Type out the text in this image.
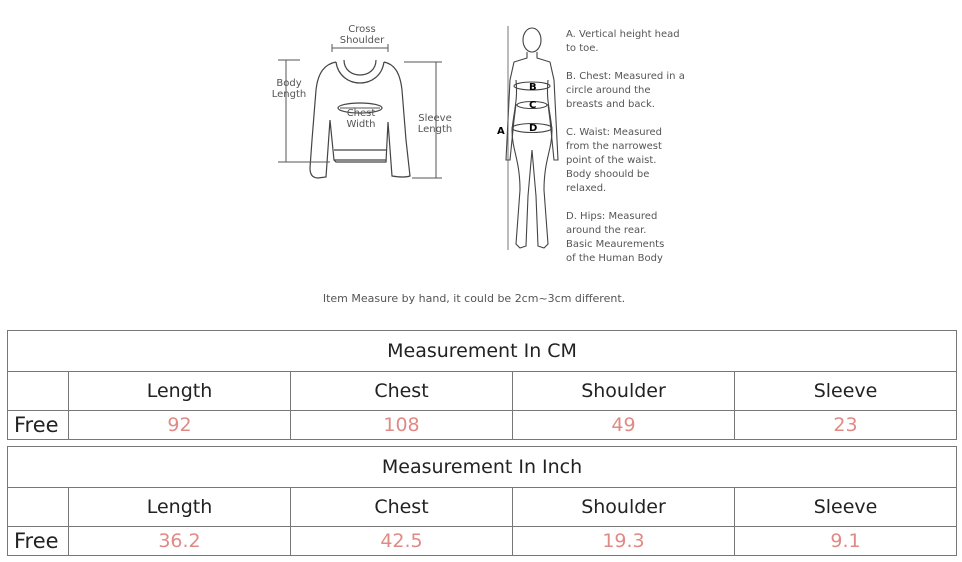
A
B
C
D
Cross
Shoulder
Body
Length
Chest
Width
Sleeve
Length
A. Vertical height head
to toe.
B. Chest: Measured in a
circle around the
breasts and back.
C. Waist: Measured
from the narrowest
point of the waist.
Body shoould be
relaxed.
D. Hips: Measured
around the rear.
Basic Meaurements
of the Human Body
Item Measure by hand, it could be 2cm~3cm different.
Measurement In CM				
	Length	Chest	Shoulder	Sleeve
Free	92	108	49	23
Measurement In Inch				
	Length	Chest	Shoulder	Sleeve
Free	36.2	42.5	19.3	9.1
